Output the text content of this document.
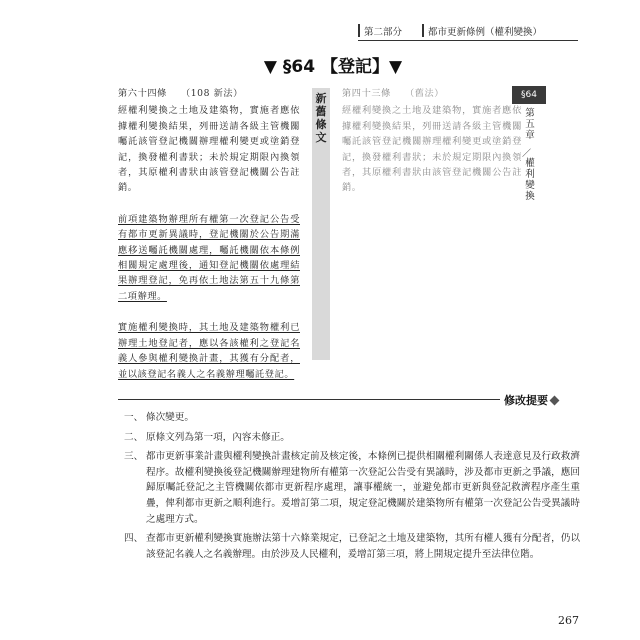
第二部分	都市更新條例（權利變換）
▼ §64 【登記】▼
第六十四條 （108 新法）

經權利變換之土地及建築物，實施者應依據權利變換結果，列冊送請各級主管機關囑託該管登記機關辦理權利變更或塗銷登記，換發權利書狀；未於規定期限內換領者，其原權利書狀由該管登記機關公告註銷。

前項建築物辦理所有權第一次登記公告受有都市更新異議時，登記機關於公告期滿應移送囑託機關處理，囑託機關依本條例相關規定處理後，通知登記機關依處理結果辦理登記，免再依土地法第五十九條第二項辦理。

實施權利變換時，其土地及建築物權利已辦理土地登記者，應以各該權利之登記名義人參與權利變換計畫，其獲有分配者，並以該登記名義人之名義辦理囑託登記。

新舊條文
第四十三條 （舊法）

經權利變換之土地及建築物，實施者應依據權利變換結果，列冊送請各級主管機關囑託該管登記機關辦理權利變更或塗銷登記，換發權利書狀；未於規定期限內換領者，其原權利書狀由該管登記機關公告註銷。

修改提要
一、 條次變更。
二、 原條文列為第一項，內容未修正。
三、 都市更新事業計畫與權利變換計畫核定前及核定後，本條例已提供相關權利關係人表達意見及行政救濟程序。故權利變換後登記機關辦理建物所有權第一次登記公告受有異議時，涉及都市更新之爭議，應回歸原囑託登記之主管機關依都市更新程序處理，讓事權統一，並避免都市更新與登記救濟程序產生重疊，俾利都市更新之順利進行。爰增訂第二項，規定登記機關於建築物所有權第一次登記公告受異議時之處理方式。
四、 查都市更新權利變換實施辦法第十六條業規定，已登記之土地及建築物，其所有權人獲有分配者，仍以該登記名義人之名義辦理。由於涉及人民權利，爰增訂第三項，將上開規定提升至法律位階。
267
§64
第五章
／
權利變換
